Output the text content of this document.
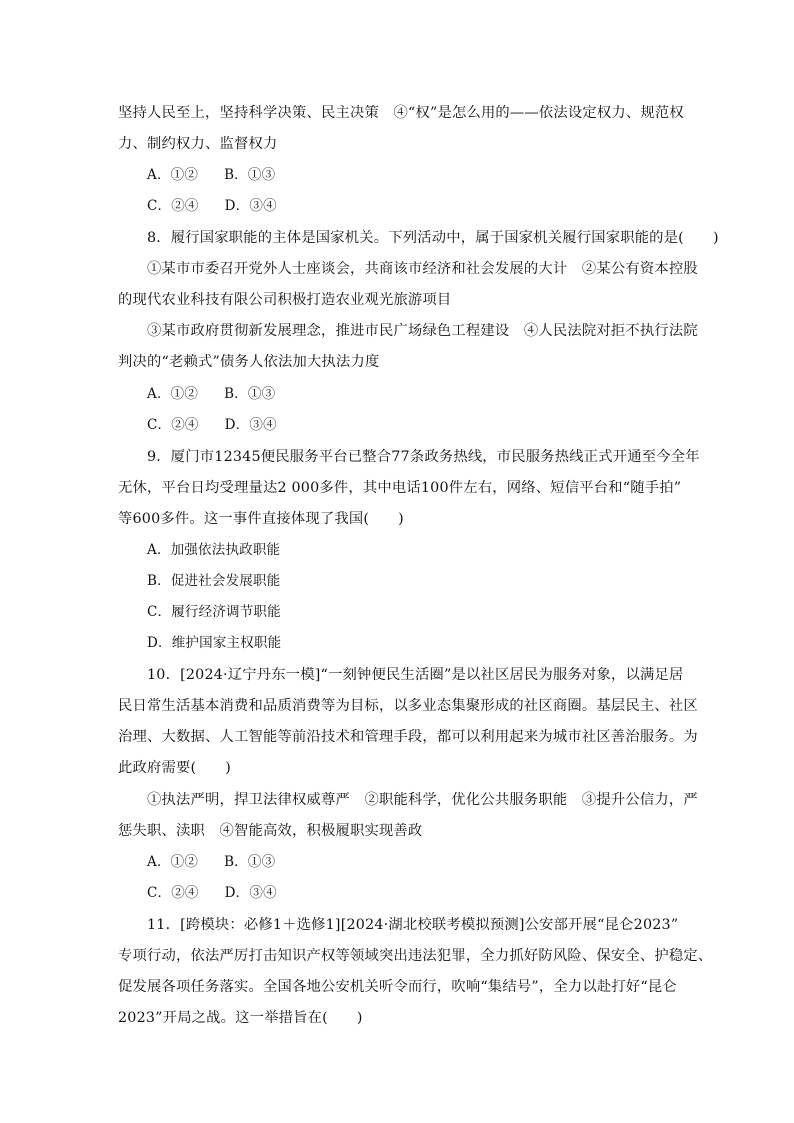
坚持人民至上，坚持科学决策、民主决策　④“权”是怎么用的——依法设定权力、规范权
力、制约权力、监督权力
A．①② B．①③
C．②④ D．③④
8．履行国家职能的主体是国家机关。下列活动中，属于国家机关履行国家职能的是(　　)
①某市市委召开党外人士座谈会，共商该市经济和社会发展的大计　②某公有资本控股
的现代农业科技有限公司积极打造农业观光旅游项目
③某市政府贯彻新发展理念，推进市民广场绿色工程建设　④人民法院对拒不执行法院
判决的“老赖式”债务人依法加大执法力度
A．①② B．①③
C．②④ D．③④
9．厦门市12345便民服务平台已整合77条政务热线，市民服务热线正式开通至今全年
无休，平台日均受理量达2 000多件，其中电话100件左右，网络、短信平台和“随手拍”
等600多件。这一事件直接体现了我国(　　)
A．加强依法执政职能
B．促进社会发展职能
C．履行经济调节职能
D．维护国家主权职能
10．[2024·辽宁丹东一模]“一刻钟便民生活圈”是以社区居民为服务对象，以满足居
民日常生活基本消费和品质消费等为目标，以多业态集聚形成的社区商圈。基层民主、社区
治理、大数据、人工智能等前沿技术和管理手段，都可以利用起来为城市社区善治服务。为
此政府需要(　　)
①执法严明，捍卫法律权威尊严　②职能科学，优化公共服务职能　③提升公信力，严
惩失职、渎职　④智能高效，积极履职实现善政
A．①② B．①③
C．②④ D．③④
11．[跨模块：必修1＋选修1][2024·湖北校联考模拟预测]公安部开展“昆仑2023”
专项行动，依法严厉打击知识产权等领域突出违法犯罪，全力抓好防风险、保安全、护稳定、
促发展各项任务落实。全国各地公安机关听令而行，吹响“集结号”，全力以赴打好“昆仑
2023”开局之战。这一举措旨在(　　)
